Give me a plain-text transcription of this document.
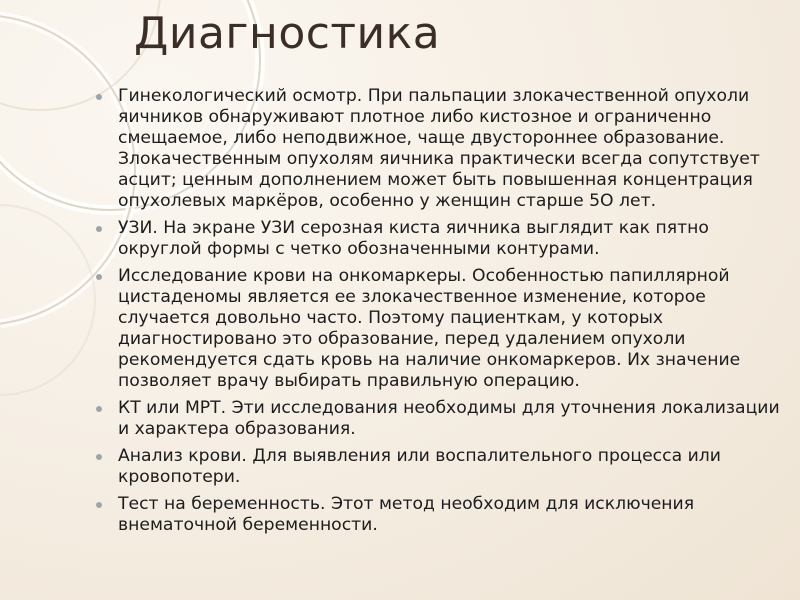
Диагностика
Гинекологический осмотр. При пальпации злокачественной опухоли яичников обнаруживают плотное либо кистозное и ограниченно смещаемое, либо неподвижное, чаще двустороннее образование. Злокачественным опухолям яичника практически всегда сопутствует асцит; ценным дополнением может быть повышенная концентрация опухолевых маркёров, особенно у женщин старше 5О лет.
УЗИ. На экране УЗИ серозная киста яичника выглядит как пятно округлой формы с четко обозначенными контурами.
Исследование крови на онкомаркеры. Особенностью папиллярной цистаденомы является ее злокачественное изменение, которое случается довольно часто. Поэтому пациенткам, у которых диагностировано это образование, перед удалением опухоли рекомендуется сдать кровь на наличие онкомаркеров. Их значение позволяет врачу выбирать правильную операцию.
КТ или МРТ. Эти исследования необходимы для уточнения локализации и характера образования.
Анализ крови. Для выявления или воспалительного процесса или кровопотери.
Тест на беременность. Этот метод необходим для исключения внематочной беременности.
